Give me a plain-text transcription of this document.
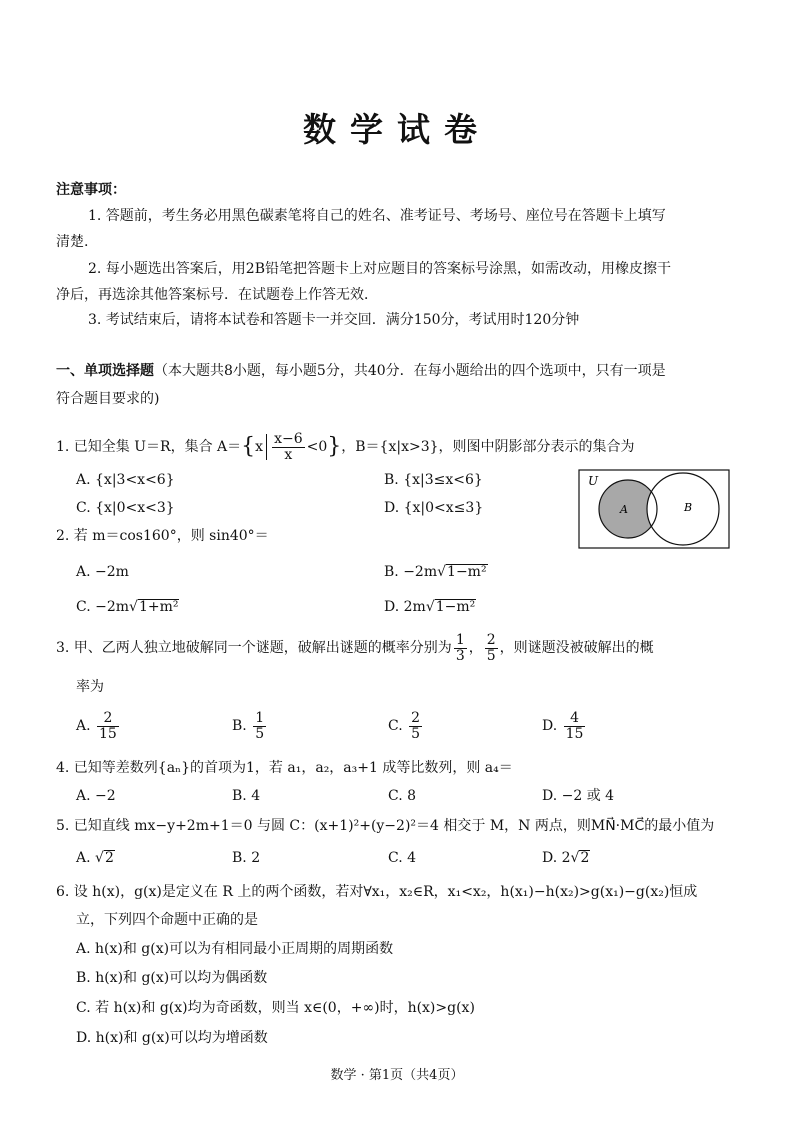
数学试卷
注意事项：
1. 答题前，考生务必用黑色碳素笔将自己的姓名、准考证号、考场号、座位号在答题卡上填写
清楚.
2. 每小题选出答案后，用2B铅笔把答题卡上对应题目的答案标号涂黑，如需改动，用橡皮擦干
净后，再选涂其他答案标号．在试题卷上作答无效．
3. 考试结束后，请将本试卷和答题卡一并交回．满分150分，考试用时120分钟
一、单项选择题（本大题共8小题，每小题5分，共40分．在每小题给出的四个选项中，只有一项是
符合题目要求的)
1. 已知全集 U＝R，集合 $A=\{x \frac{x-6}{x} <0\}$，B＝{x|x>3}，则图中阴影部分表示的集合为
A. {x|3<x<6}	B. {x|3≤x<6}
C. {x|0<x<3}	D. {x|0<x≤3}
U
A	B
2. 若 m＝cos160°，则 sin40°＝
A. −2m	B. −2m√1−m²
C. −2m√1+m²	D. 2m√1−m²
3. 甲、乙两人独立地破解同一个谜题，破解出谜题的概率分别为 $\frac{1}{3}$ ， $\frac{2}{5}$ ，则谜题没被破解出的概
率为
A. $\frac{2}{15}$	B. $\frac{1}{5}$	C. $\frac{2}{5}$	D. $\frac{4}{15}$
4. 已知等差数列{aₙ}的首项为1，若 a₁，a₂，a₃+1 成等比数列，则 a₄＝
A. −2	B. 4	C. 8	D. −2 或 4
5. 已知直线 mx−y+2m+1＝0 与圆 C：(x+1)²+(y−2)²＝4 相交于 M，N 两点，则MN⃗·MC⃗的最小值为
A. √2	B. 2	C. 4	D. 2√2
6. 设 h(x)，g(x)是定义在 R 上的两个函数，若对∀x₁，x₂∈R，x₁<x₂，h(x₁)−h(x₂)>g(x₁)−g(x₂)恒成
立，下列四个命题中正确的是
A. h(x)和 g(x)可以为有相同最小正周期的周期函数
B. h(x)和 g(x)可以均为偶函数
C. 若 h(x)和 g(x)均为奇函数，则当 x∈(0，+∞)时，h(x)>g(x)
D. h(x)和 g(x)可以均为增函数
数学 · 第1页（共4页）
